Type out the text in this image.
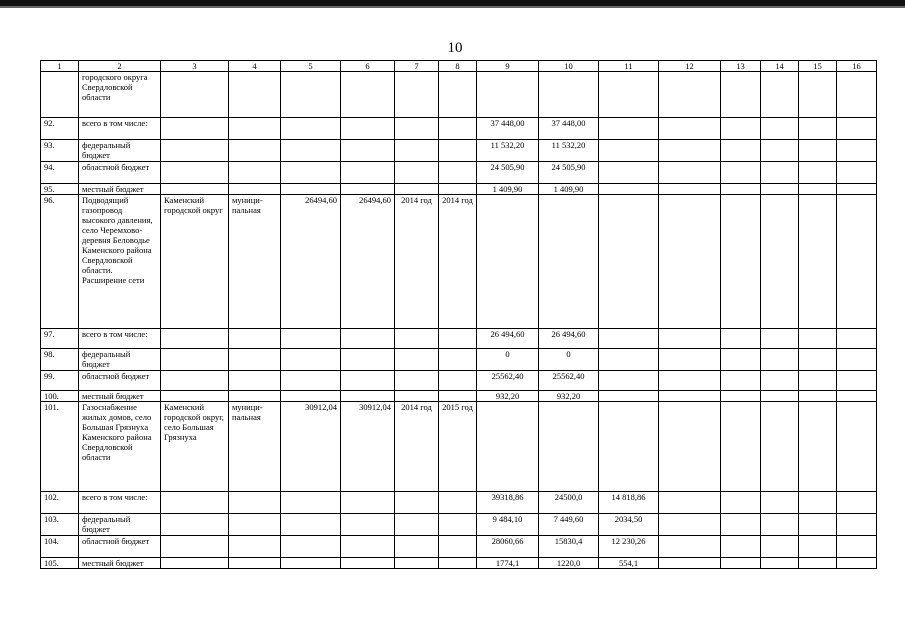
10
1	2	3	4	5	6	7	8	9	10	11	12	13	14	15	16
	городского округа Свердловской области														
92.	всего в том числе:							37 448,00	37 448,00						
93.	федеральный бюджет							11 532,20	11 532,20						
94.	областной бюджет							24 505,90	24 505,90						
95.	местный бюджет							1 409,90	1 409,90						
96.	Подводящий газопровод высокого давления, село Черемхово-деревня Беловодье Каменского района Свердловской области. Расширение сети	Каменский городской округ	муници-пальная	26494,60	26494,60	2014 год	2014 год								
97.	всего в том числе:							26 494,60	26 494,60						
98.	федеральный бюджет							0	0						
99.	областной бюджет							25562,40	25562,40						
100.	местный бюджет							932,20	932,20						
101.	Газоснабжение жилых домов, село Большая Грязнуха Каменского района Свердловской области	Каменский городской округ, село Большая Грязнуха	муници-пальная	30912,04	30912,04	2014 год	2015 год								
102.	всего в том числе:							39318,86	24500,0	14 818,86					
103.	федеральный бюджет							9 484,10	7 449,60	2034,50					
104.	областной бюджет							28060,66	15830,4	12 230,26					
105.	местный бюджет							1774,1	1220,0	554,1					
